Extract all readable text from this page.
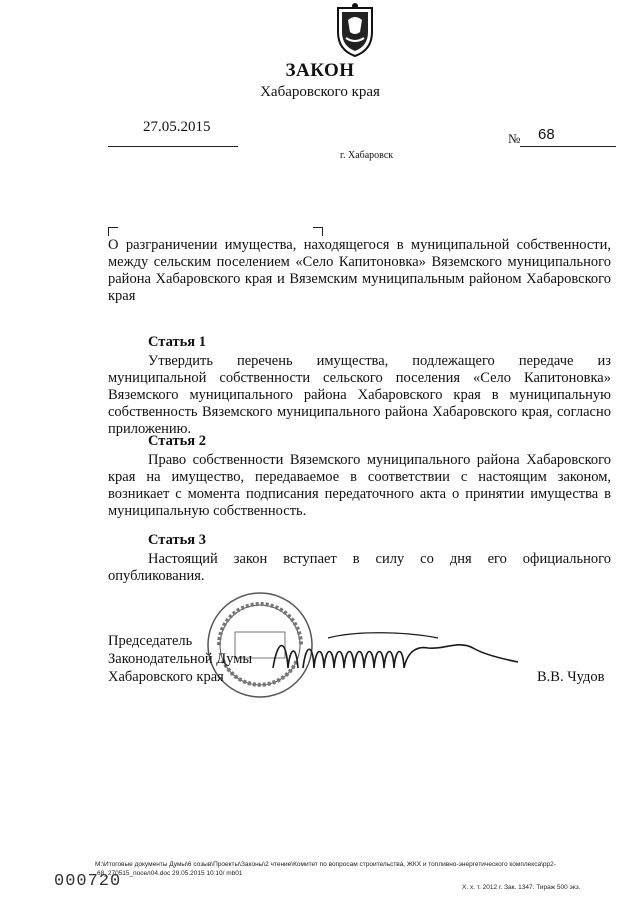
ЗАКОН
Хабаровского края
27.05.2015
№ 68
г. Хабаровск
О разграничении имущества, находящегося в муниципальной собственности, между сельским поселением «Село Капитоновка» Вяземского муниципального района Хабаровского края и Вяземским муниципальным районом Хабаровского края
Статья 1
Утвердить перечень имущества, подлежащего передаче из муниципальной собственности сельского поселения «Село Капитоновка» Вяземского муниципального района Хабаровского края в муниципальную собственность Вяземского муниципального района Хабаровского края, согласно приложению.
Статья 2
Право собственности Вяземского муниципального района Хабаровского края на имущество, передаваемое в соответствии с настоящим законом, возникает с момента подписания передаточного акта о принятии имущества в муниципальную собственность.
Статья 3
Настоящий закон вступает в силу со дня его официального опубликования.
Председатель
Законодательной Думы
Хабаровского края	В.В. Чудов
M:\Итоговые документы Думы\6 созыв\Проекты\Законы\2 чтение\Комитет по вопросам строительства, ЖКХ и топливно-энергетического комплекса\рр2-
68_270515_посел04.doc 29.05.2015 10:10/ mb01
000720	Х. х. т. 2012 г. Зак. 1347. Тираж 500 экз.
